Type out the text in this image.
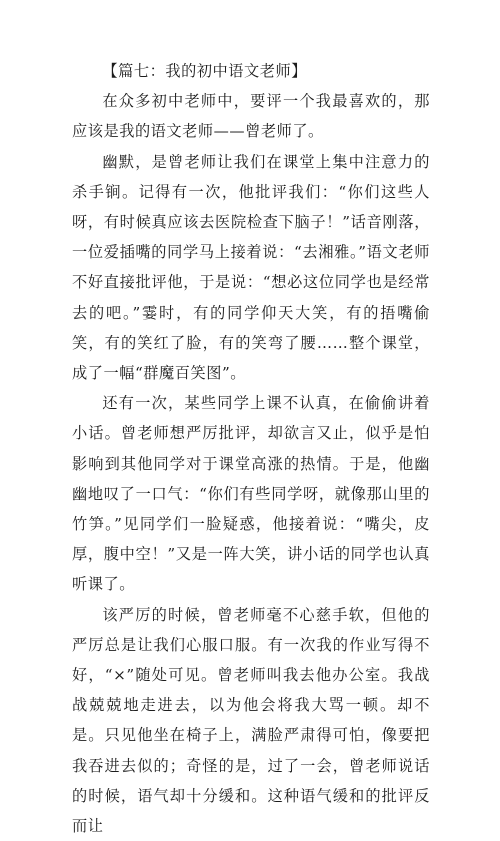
【篇七：我的初中语文老师】

在众多初中老师中，要评一个我最喜欢的，那应该是我的语文老师——曾老师了。

幽默，是曾老师让我们在课堂上集中注意力的杀手锏。记得有一次，他批评我们：“你们这些人呀，有时候真应该去医院检查下脑子！”话音刚落，一位爱插嘴的同学马上接着说：“去湘雅。”语文老师不好直接批评他，于是说：“想必这位同学也是经常去的吧。”霎时，有的同学仰天大笑，有的捂嘴偷笑，有的笑红了脸，有的笑弯了腰……整个课堂，成了一幅“群魔百笑图”。

还有一次，某些同学上课不认真，在偷偷讲着小话。曾老师想严厉批评，却欲言又止，似乎是怕影响到其他同学对于课堂高涨的热情。于是，他幽幽地叹了一口气：“你们有些同学呀，就像那山里的竹笋。”见同学们一脸疑惑，他接着说：“嘴尖，皮厚，腹中空！”又是一阵大笑，讲小话的同学也认真听课了。

该严厉的时候，曾老师毫不心慈手软，但他的严厉总是让我们心服口服。有一次我的作业写得不好，“×”随处可见。曾老师叫我去他办公室。我战战兢兢地走进去，以为他会将我大骂一顿。却不是。只见他坐在椅子上，满脸严肃得可怕，像要把我吞进去似的；奇怪的是，过了一会，曾老师说话的时候，语气却十分缓和。这种语气缓和的批评反而让
